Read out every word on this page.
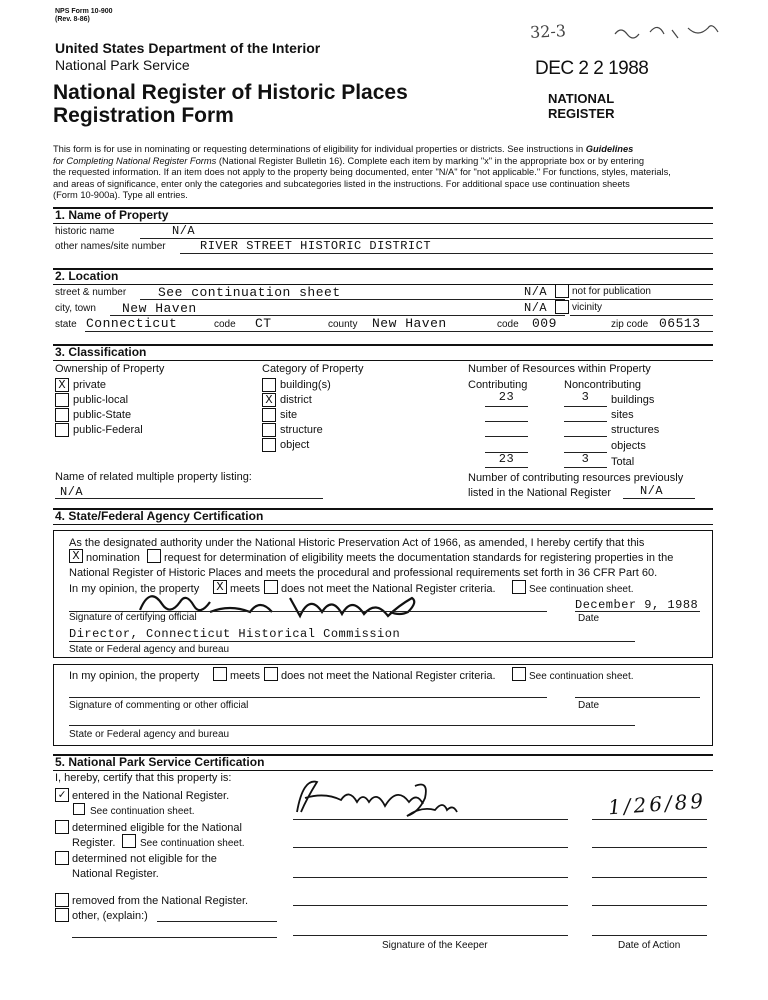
NPS Form 10-900
(Rev. 8-86)
32-3
United States Department of the Interior
National Park Service
National Register of Historic Places
Registration Form
DEC 2 2 1988
NATIONAL
REGISTER
This form is for use in nominating or requesting determinations of eligibility for individual properties or districts. See instructions in Guidelines
for Completing National Register Forms (National Register Bulletin 16). Complete each item by marking "x" in the appropriate box or by entering
the requested information. If an item does not apply to the property being documented, enter "N/A" for "not applicable." For functions, styles, materials,
and areas of significance, enter only the categories and subcategories listed in the instructions. For additional space use continuation sheets
(Form 10-900a). Type all entries.
1. Name of Property
historic name	N/A
other names/site number	RIVER STREET HISTORIC DISTRICT
2. Location
street & number See continuation sheet	N/A not for publication
city, town New Haven	N/A vicinity
state Connecticut	code CT	county New Haven	code 009	zip code 06513
3. Classification
Ownership of Property
X private
public-local
public-State
public-Federal
Category of Property
building(s)
X district
site
structure
object
Number of Resources within Property
Contributing	Noncontributing
23	3	buildings
sites
structures
objects
23	3	Total
Name of related multiple property listing:
N/A
Number of contributing resources previously
listed in the National Register N/A
4. State/Federal Agency Certification
As the designated authority under the National Historic Preservation Act of 1966, as amended, I hereby certify that this
X nomination request for determination of eligibility meets the documentation standards for registering properties in the
National Register of Historic Places and meets the procedural and professional requirements set forth in 36 CFR Part 60.
In my opinion, the property X meets does not meet the National Register criteria.	See continuation sheet.
Signature of certifying official
December 9, 1988
Date
Director, Connecticut Historical Commission
State or Federal agency and bureau
In my opinion, the property	meets does not meet the National Register criteria.	See continuation sheet.
Signature of commenting or other official	Date
State or Federal agency and bureau
5. National Park Service Certification
I, hereby, certify that this property is:
✓ entered in the National Register.
See continuation sheet.
determined eligible for the National
Register. See continuation sheet.
determined not eligible for the
National Register.
removed from the National Register.
other, (explain:)
1/26/89
Signature of the Keeper	Date of Action
